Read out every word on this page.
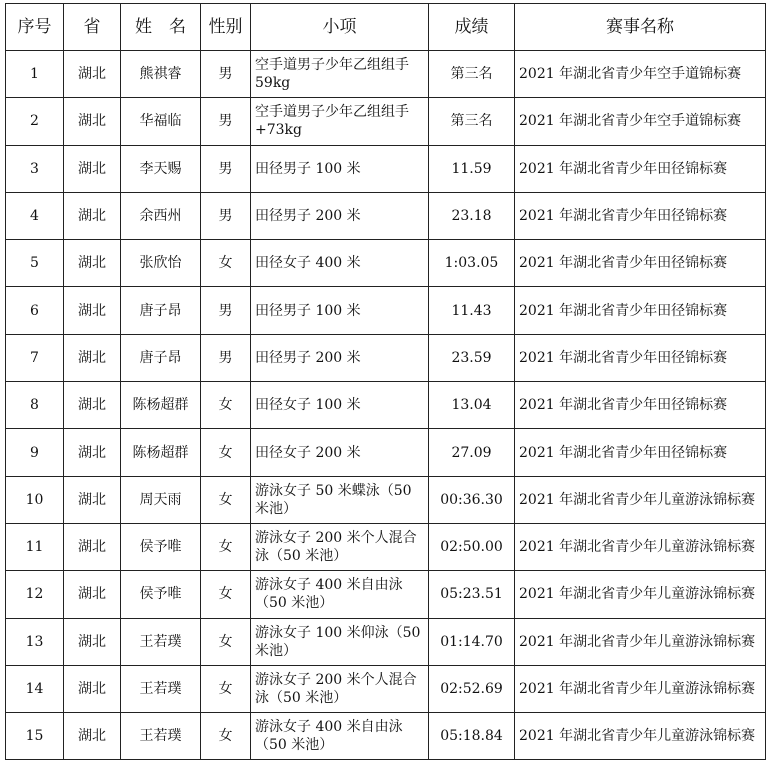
序号	省	姓　名	性别	小项	成绩	赛事名称
1	湖北	熊祺睿	男	空手道男子少年乙组组手59kg	第三名	2021 年湖北省青少年空手道锦标赛
2	湖北	华福临	男	空手道男子少年乙组组手+73kg	第三名	2021 年湖北省青少年空手道锦标赛
3	湖北	李天赐	男	田径男子 100 米	11.59	2021 年湖北省青少年田径锦标赛
4	湖北	余西州	男	田径男子 200 米	23.18	2021 年湖北省青少年田径锦标赛
5	湖北	张欣怡	女	田径女子 400 米	1:03.05	2021 年湖北省青少年田径锦标赛
6	湖北	唐子昂	男	田径男子 100 米	11.43	2021 年湖北省青少年田径锦标赛
7	湖北	唐子昂	男	田径男子 200 米	23.59	2021 年湖北省青少年田径锦标赛
8	湖北	陈杨超群	女	田径女子 100 米	13.04	2021 年湖北省青少年田径锦标赛
9	湖北	陈杨超群	女	田径女子 200 米	27.09	2021 年湖北省青少年田径锦标赛
10	湖北	周天雨	女	游泳女子 50 米蝶泳（50 米池）	00:36.30	2021 年湖北省青少年儿童游泳锦标赛
11	湖北	侯予唯	女	游泳女子 200 米个人混合泳（50 米池）	02:50.00	2021 年湖北省青少年儿童游泳锦标赛
12	湖北	侯予唯	女	游泳女子 400 米自由泳（50 米池）	05:23.51	2021 年湖北省青少年儿童游泳锦标赛
13	湖北	王若璞	女	游泳女子 100 米仰泳（50 米池）	01:14.70	2021 年湖北省青少年儿童游泳锦标赛
14	湖北	王若璞	女	游泳女子 200 米个人混合泳（50 米池）	02:52.69	2021 年湖北省青少年儿童游泳锦标赛
15	湖北	王若璞	女	游泳女子 400 米自由泳（50 米池）	05:18.84	2021 年湖北省青少年儿童游泳锦标赛
